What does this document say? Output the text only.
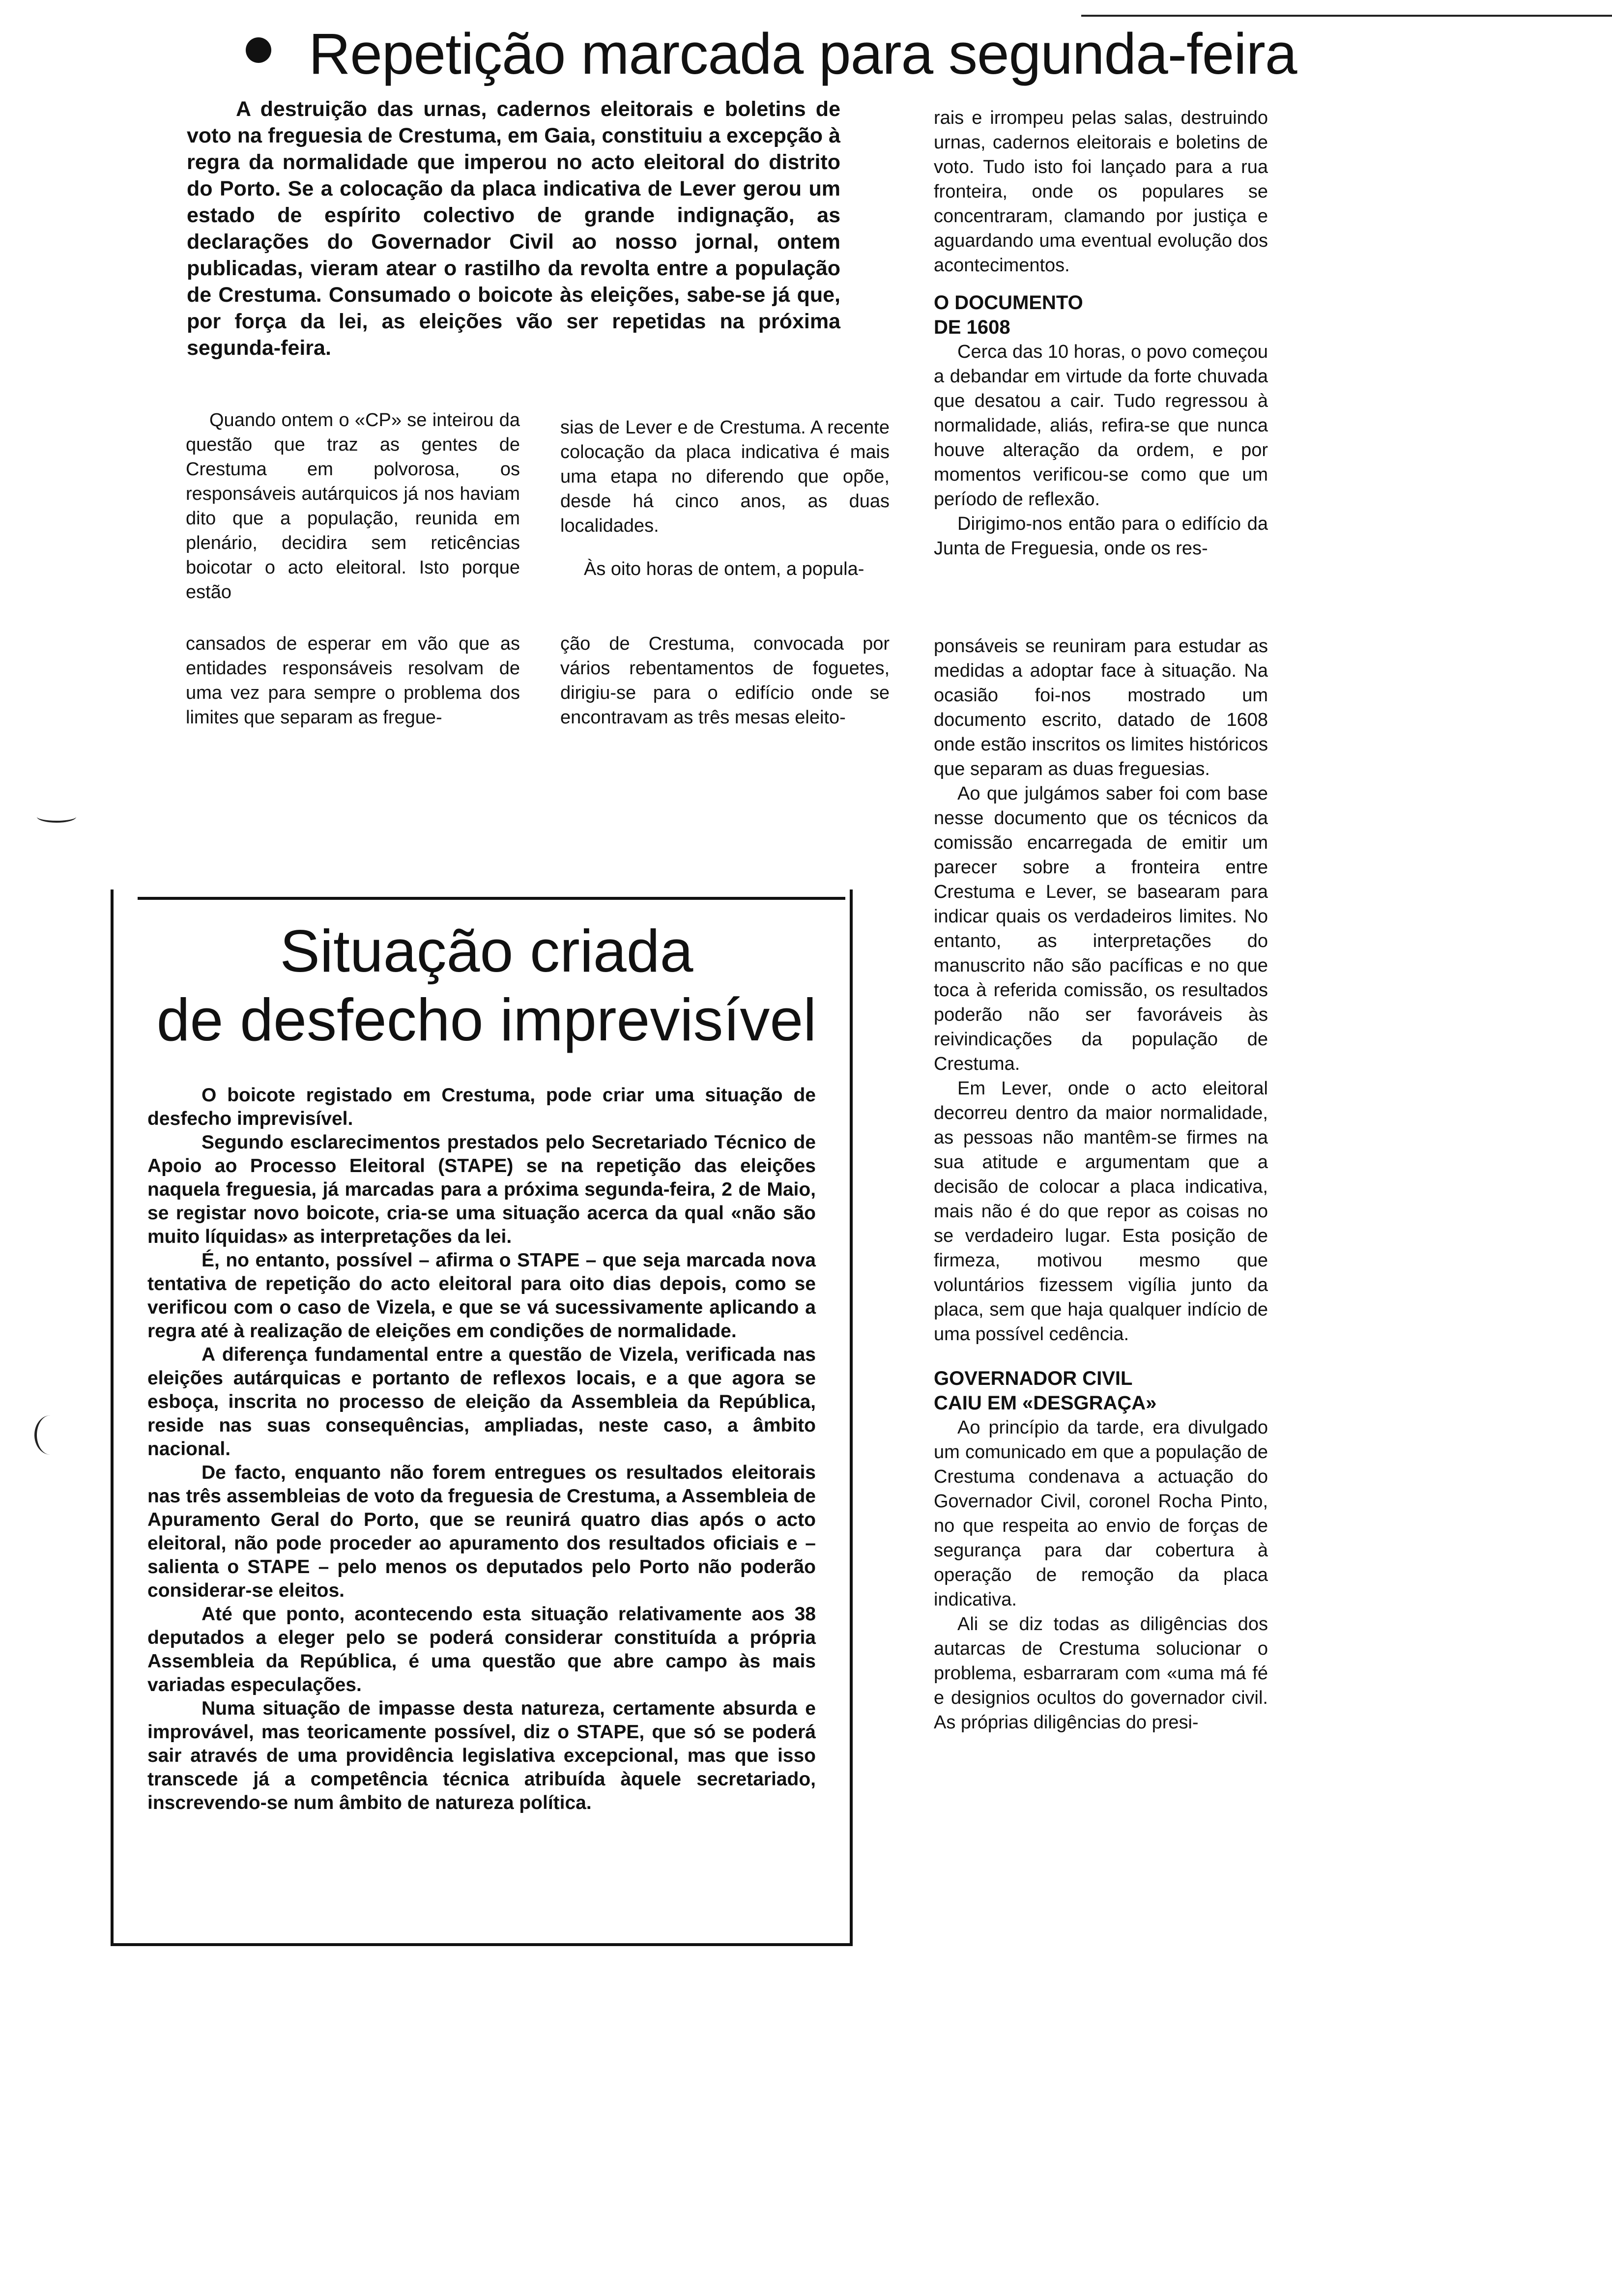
Repetição marcada para segunda-feira
A destruição das urnas, cadernos eleitorais e boletins de voto na freguesia de Crestuma, em Gaia, constituiu a excepção à regra da normalidade que imperou no acto eleitoral do distrito do Porto. Se a colocação da placa indicativa de Lever gerou um estado de espírito colectivo de grande indignação, as declarações do Governador Civil ao nosso jornal, ontem publicadas, vieram atear o rastilho da revolta entre a população de Crestuma. Consumado o boicote às eleições, sabe-se já que, por força da lei, as eleições vão ser repetidas na próxima segunda-feira.

Quando ontem o «CP» se inteirou da questão que traz as gentes de Crestuma em polvorosa, os responsáveis autárquicos já nos haviam dito que a população, reunida em plenário, decidira sem reticências boicotar o acto eleitoral. Isto porque estão

cansados de esperar em vão que as entidades responsáveis resolvam de uma vez para sempre o problema dos limites que separam as fregue-

sias de Lever e de Crestuma. A recente colocação da placa indicativa é mais uma etapa no diferendo que opõe, desde há cinco anos, as duas localidades.

Às oito horas de ontem, a popula-

ção de Crestuma, convocada por vários rebentamentos de foguetes, dirigiu-se para o edifício onde se encontravam as três mesas eleito-

rais e irrompeu pelas salas, destruindo urnas, cadernos eleitorais e boletins de voto. Tudo isto foi lançado para a rua fronteira, onde os populares se concentraram, clamando por justiça e aguardando uma eventual evolução dos acontecimentos.

O DOCUMENTO
DE 1608

Cerca das 10 horas, o povo começou a debandar em virtude da forte chuvada que desatou a cair. Tudo regressou à normalidade, aliás, refira-se que nunca houve alteração da ordem, e por momentos verificou-se como que um período de reflexão.

Dirigimo-nos então para o edifício da Junta de Freguesia, onde os res-

ponsáveis se reuniram para estudar as medidas a adoptar face à situação. Na ocasião foi-nos mostrado um documento escrito, datado de 1608 onde estão inscritos os limites históricos que separam as duas freguesias.

Ao que julgámos saber foi com base nesse documento que os técnicos da comissão encarregada de emitir um parecer sobre a fronteira entre Crestuma e Lever, se basearam para indicar quais os verdadeiros limites. No entanto, as interpretações do manuscrito não são pacíficas e no que toca à referida comissão, os resultados poderão não ser favoráveis às reivindicações da população de Crestuma.

Em Lever, onde o acto eleitoral decorreu dentro da maior normalidade, as pessoas não mantêm-se firmes na sua atitude e argumentam que a decisão de colocar a placa indicativa, mais não é do que repor as coisas no se verdadeiro lugar. Esta posição de firmeza, motivou mesmo que voluntários fizessem vigília junto da placa, sem que haja qualquer indício de uma possível cedência.

GOVERNADOR CIVIL
CAIU EM «DESGRAÇA»

Ao princípio da tarde, era divulgado um comunicado em que a população de Crestuma condenava a actuação do Governador Civil, coronel Rocha Pinto, no que respeita ao envio de forças de segurança para dar cobertura à operação de remoção da placa indicativa.

Ali se diz todas as diligências dos autarcas de Crestuma solucionar o problema, esbarraram com «uma má fé e designios ocultos do governador civil. As próprias diligências do presi-

Situação criada
de desfecho imprevisível

O boicote registado em Crestuma, pode criar uma situação de desfecho imprevisível.

Segundo esclarecimentos prestados pelo Secretariado Técnico de Apoio ao Processo Eleitoral (STAPE) se na repetição das eleições naquela freguesia, já marcadas para a próxima segunda-feira, 2 de Maio, se registar novo boicote, cria-se uma situação acerca da qual «não são muito líquidas» as interpretações da lei.

É, no entanto, possível – afirma o STAPE – que seja marcada nova tentativa de repetição do acto eleitoral para oito dias depois, como se verificou com o caso de Vizela, e que se vá sucessivamente aplicando a regra até à realização de eleições em condições de normalidade.

A diferença fundamental entre a questão de Vizela, verificada nas eleições autárquicas e portanto de reflexos locais, e a que agora se esboça, inscrita no processo de eleição da Assembleia da República, reside nas suas consequências, ampliadas, neste caso, a âmbito nacional.

De facto, enquanto não forem entregues os resultados eleitorais nas três assembleias de voto da freguesia de Crestuma, a Assembleia de Apuramento Geral do Porto, que se reunirá quatro dias após o acto eleitoral, não pode proceder ao apuramento dos resultados oficiais e – salienta o STAPE – pelo menos os deputados pelo Porto não poderão considerar-se eleitos.

Até que ponto, acontecendo esta situação relativamente aos 38 deputados a eleger pelo se poderá considerar constituída a própria Assembleia da República, é uma questão que abre campo às mais variadas especulações.

Numa situação de impasse desta natureza, certamente absurda e improvável, mas teoricamente possível, diz o STAPE, que só se poderá sair através de uma providência legislativa excepcional, mas que isso transcede já a competência técnica atribuída àquele secretariado, inscrevendo-se num âmbito de natureza política.
